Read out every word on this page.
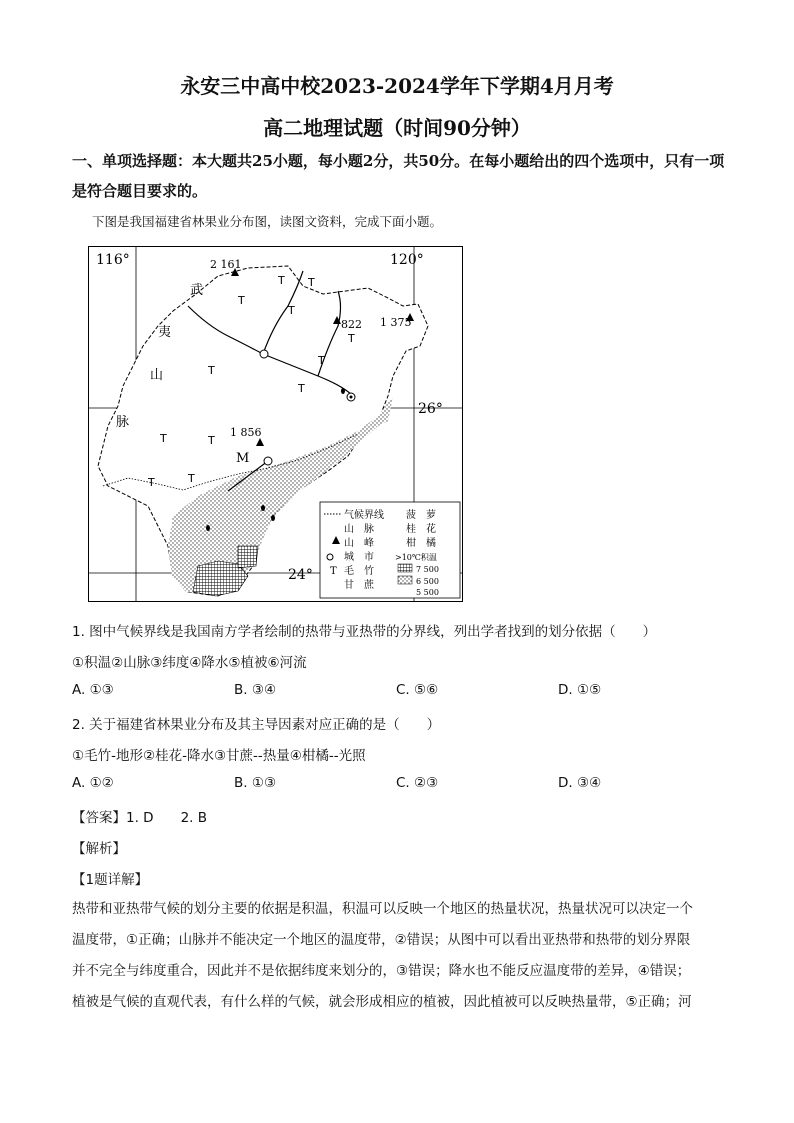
永安三中高中校2023-2024学年下学期4月月考
高二地理试题（时间90分钟）
一、单项选择题：本大题共25小题，每小题2分，共50分。在每小题给出的四个选项中，只有一项是符合题目要求的。
下图是我国福建省林果业分布图，读图文资料，完成下面小题。
116°	120°
26°
24°
2 161
822 1 375
1 856
M
武
夷
山
脉
T
T
T
T
T
T	T
T
T
T
T
T
气候界线 菠　萝
山　脉	桂　花
山　峰	柑　橘
城　市	>10℃积温
T 毛　竹	7 500
甘　蔗	6 500
5 500
1. 图中气候界线是我国南方学者绘制的热带与亚热带的分界线，列出学者找到的划分依据（　　）
①积温②山脉③纬度④降水⑤植被⑥河流
A. ①③	B. ③④	C. ⑤⑥	D. ①⑤
2. 关于福建省林果业分布及其主导因素对应正确的是（　　）
①毛竹-地形②桂花-降水③甘蔗--热量④柑橘--光照
A. ①②	B. ①③	C. ②③	D. ③④
【答案】1. D　　2. B
【解析】
【1题详解】
热带和亚热带气候的划分主要的依据是积温，积温可以反映一个地区的热量状况，热量状况可以决定一个
温度带，①正确；山脉并不能决定一个地区的温度带，②错误；从图中可以看出亚热带和热带的划分界限
并不完全与纬度重合，因此并不是依据纬度来划分的，③错误；降水也不能反应温度带的差异，④错误；
植被是气候的直观代表，有什么样的气候，就会形成相应的植被，因此植被可以反映热量带，⑤正确；河
